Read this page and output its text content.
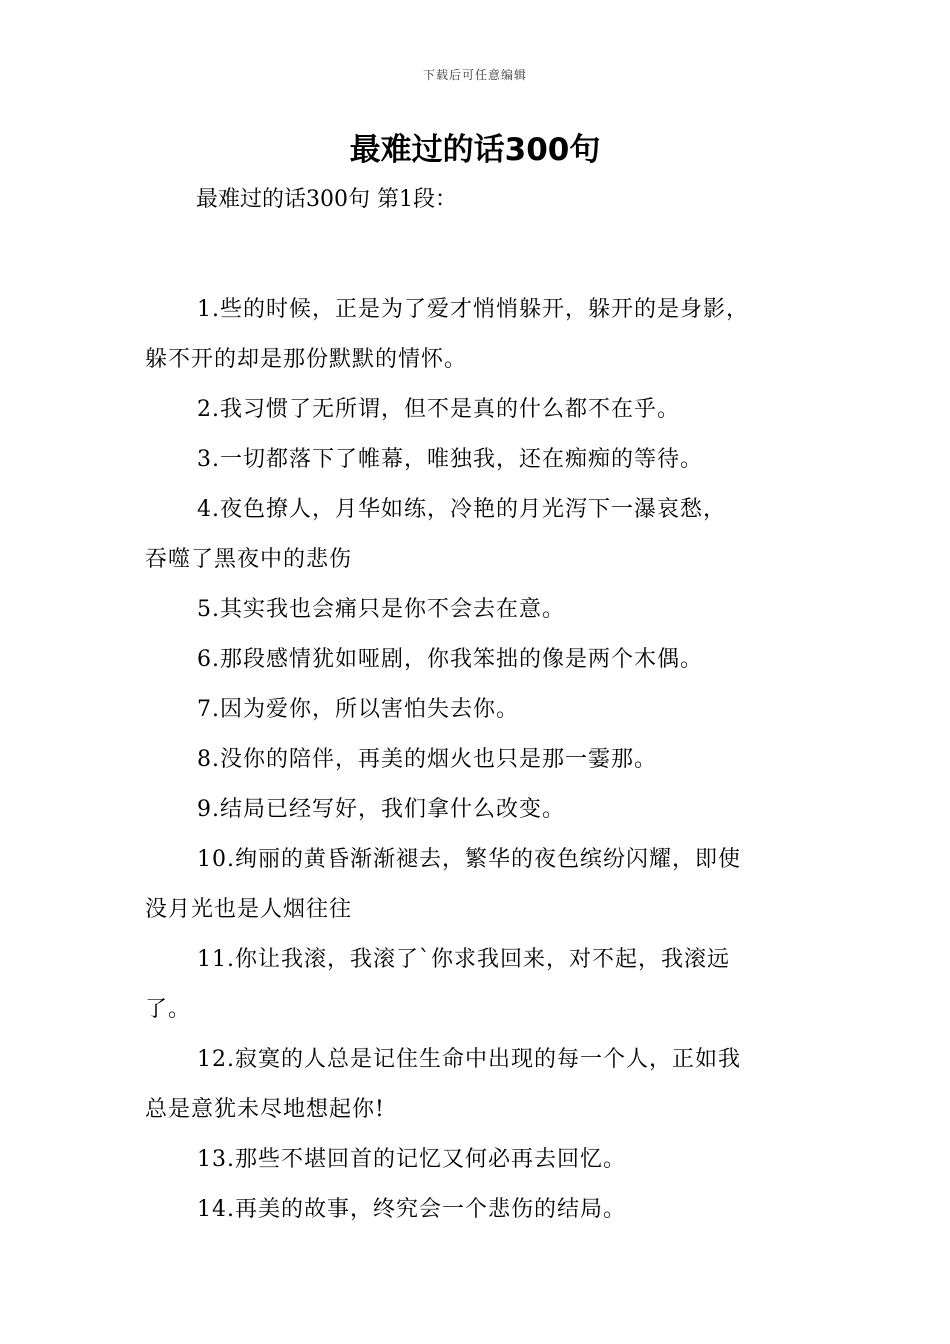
下载后可任意编辑
最难过的话300句

最难过的话300句 第1段：

1.些的时候，正是为了爱才悄悄躲开，躲开的是身影，
躲不开的却是那份默默的情怀。

2.我习惯了无所谓，但不是真的什么都不在乎。

3.一切都落下了帷幕，唯独我，还在痴痴的等待。

4.夜色撩人，月华如练，冷艳的月光泻下一瀑哀愁，
吞噬了黑夜中的悲伤

5.其实我也会痛只是你不会去在意。

6.那段感情犹如哑剧，你我笨拙的像是两个木偶。

7.因为爱你，所以害怕失去你。

8.没你的陪伴，再美的烟火也只是那一霎那。

9.结局已经写好，我们拿什么改变。

10.绚丽的黄昏渐渐褪去，繁华的夜色缤纷闪耀，即使
没月光也是人烟往往

11.你让我滚，我滚了`你求我回来，对不起，我滚远
了。

12.寂寞的人总是记住生命中出现的每一个人，正如我
总是意犹未尽地想起你!

13.那些不堪回首的记忆又何必再去回忆。

14.再美的故事，终究会一个悲伤的结局。
